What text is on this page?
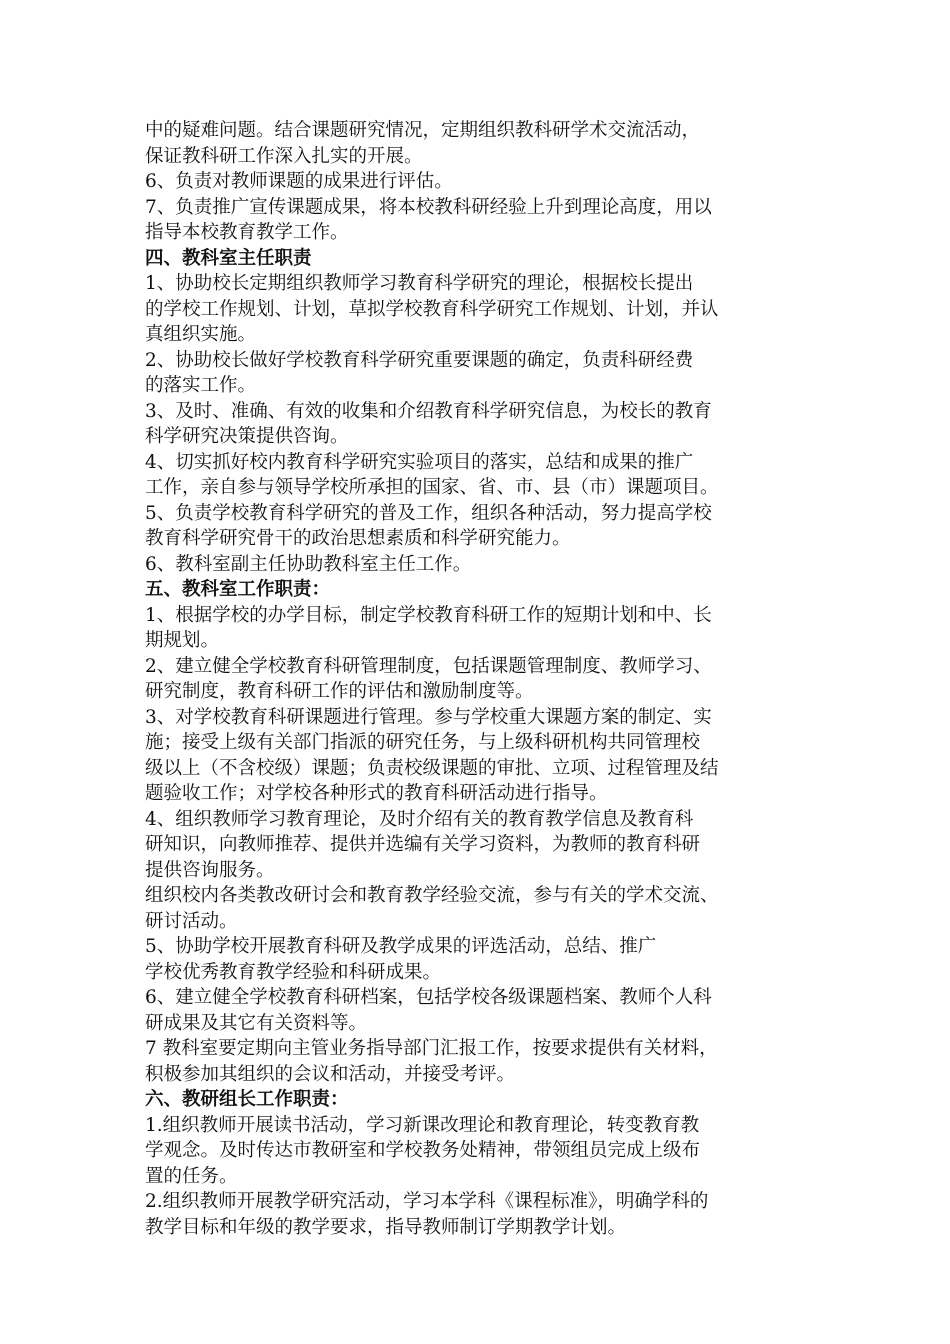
中的疑难问题。结合课题研究情况，定期组织教科研学术交流活动，
保证教科研工作深入扎实的开展。
6、负责对教师课题的成果进行评估。
7、负责推广宣传课题成果，将本校教科研经验上升到理论高度，用以
指导本校教育教学工作。
四、教科室主任职责
1、协助校长定期组织教师学习教育科学研究的理论，根据校长提出
的学校工作规划、计划，草拟学校教育科学研究工作规划、计划，并认
真组织实施。
2、协助校长做好学校教育科学研究重要课题的确定，负责科研经费
的落实工作。
3、及时、准确、有效的收集和介绍教育科学研究信息，为校长的教育
科学研究决策提供咨询。
4、切实抓好校内教育科学研究实验项目的落实，总结和成果的推广
工作，亲自参与领导学校所承担的国家、省、市、县（市）课题项目。
5、负责学校教育科学研究的普及工作，组织各种活动，努力提高学校
教育科学研究骨干的政治思想素质和科学研究能力。
6、教科室副主任协助教科室主任工作。
五、教科室工作职责：
1、根据学校的办学目标，制定学校教育科研工作的短期计划和中、长
期规划。
2、建立健全学校教育科研管理制度，包括课题管理制度、教师学习、
研究制度，教育科研工作的评估和激励制度等。
3、对学校教育科研课题进行管理。参与学校重大课题方案的制定、实
施；接受上级有关部门指派的研究任务，与上级科研机构共同管理校
级以上（不含校级）课题；负责校级课题的审批、立项、过程管理及结
题验收工作；对学校各种形式的教育科研活动进行指导。
4、组织教师学习教育理论，及时介绍有关的教育教学信息及教育科
研知识，向教师推荐、提供并选编有关学习资料，为教师的教育科研
提供咨询服务。
组织校内各类教改研讨会和教育教学经验交流，参与有关的学术交流、
研讨活动。
5、协助学校开展教育科研及教学成果的评选活动，总结、推广
学校优秀教育教学经验和科研成果。
6、建立健全学校教育科研档案，包括学校各级课题档案、教师个人科
研成果及其它有关资料等。
7 教科室要定期向主管业务指导部门汇报工作，按要求提供有关材料，
积极参加其组织的会议和活动，并接受考评。
六、教研组长工作职责：
1.组织教师开展读书活动，学习新课改理论和教育理论，转变教育教
学观念。及时传达市教研室和学校教务处精神，带领组员完成上级布
置的任务。
2.组织教师开展教学研究活动，学习本学科《课程标准》，明确学科的
教学目标和年级的教学要求，指导教师制订学期教学计划。
